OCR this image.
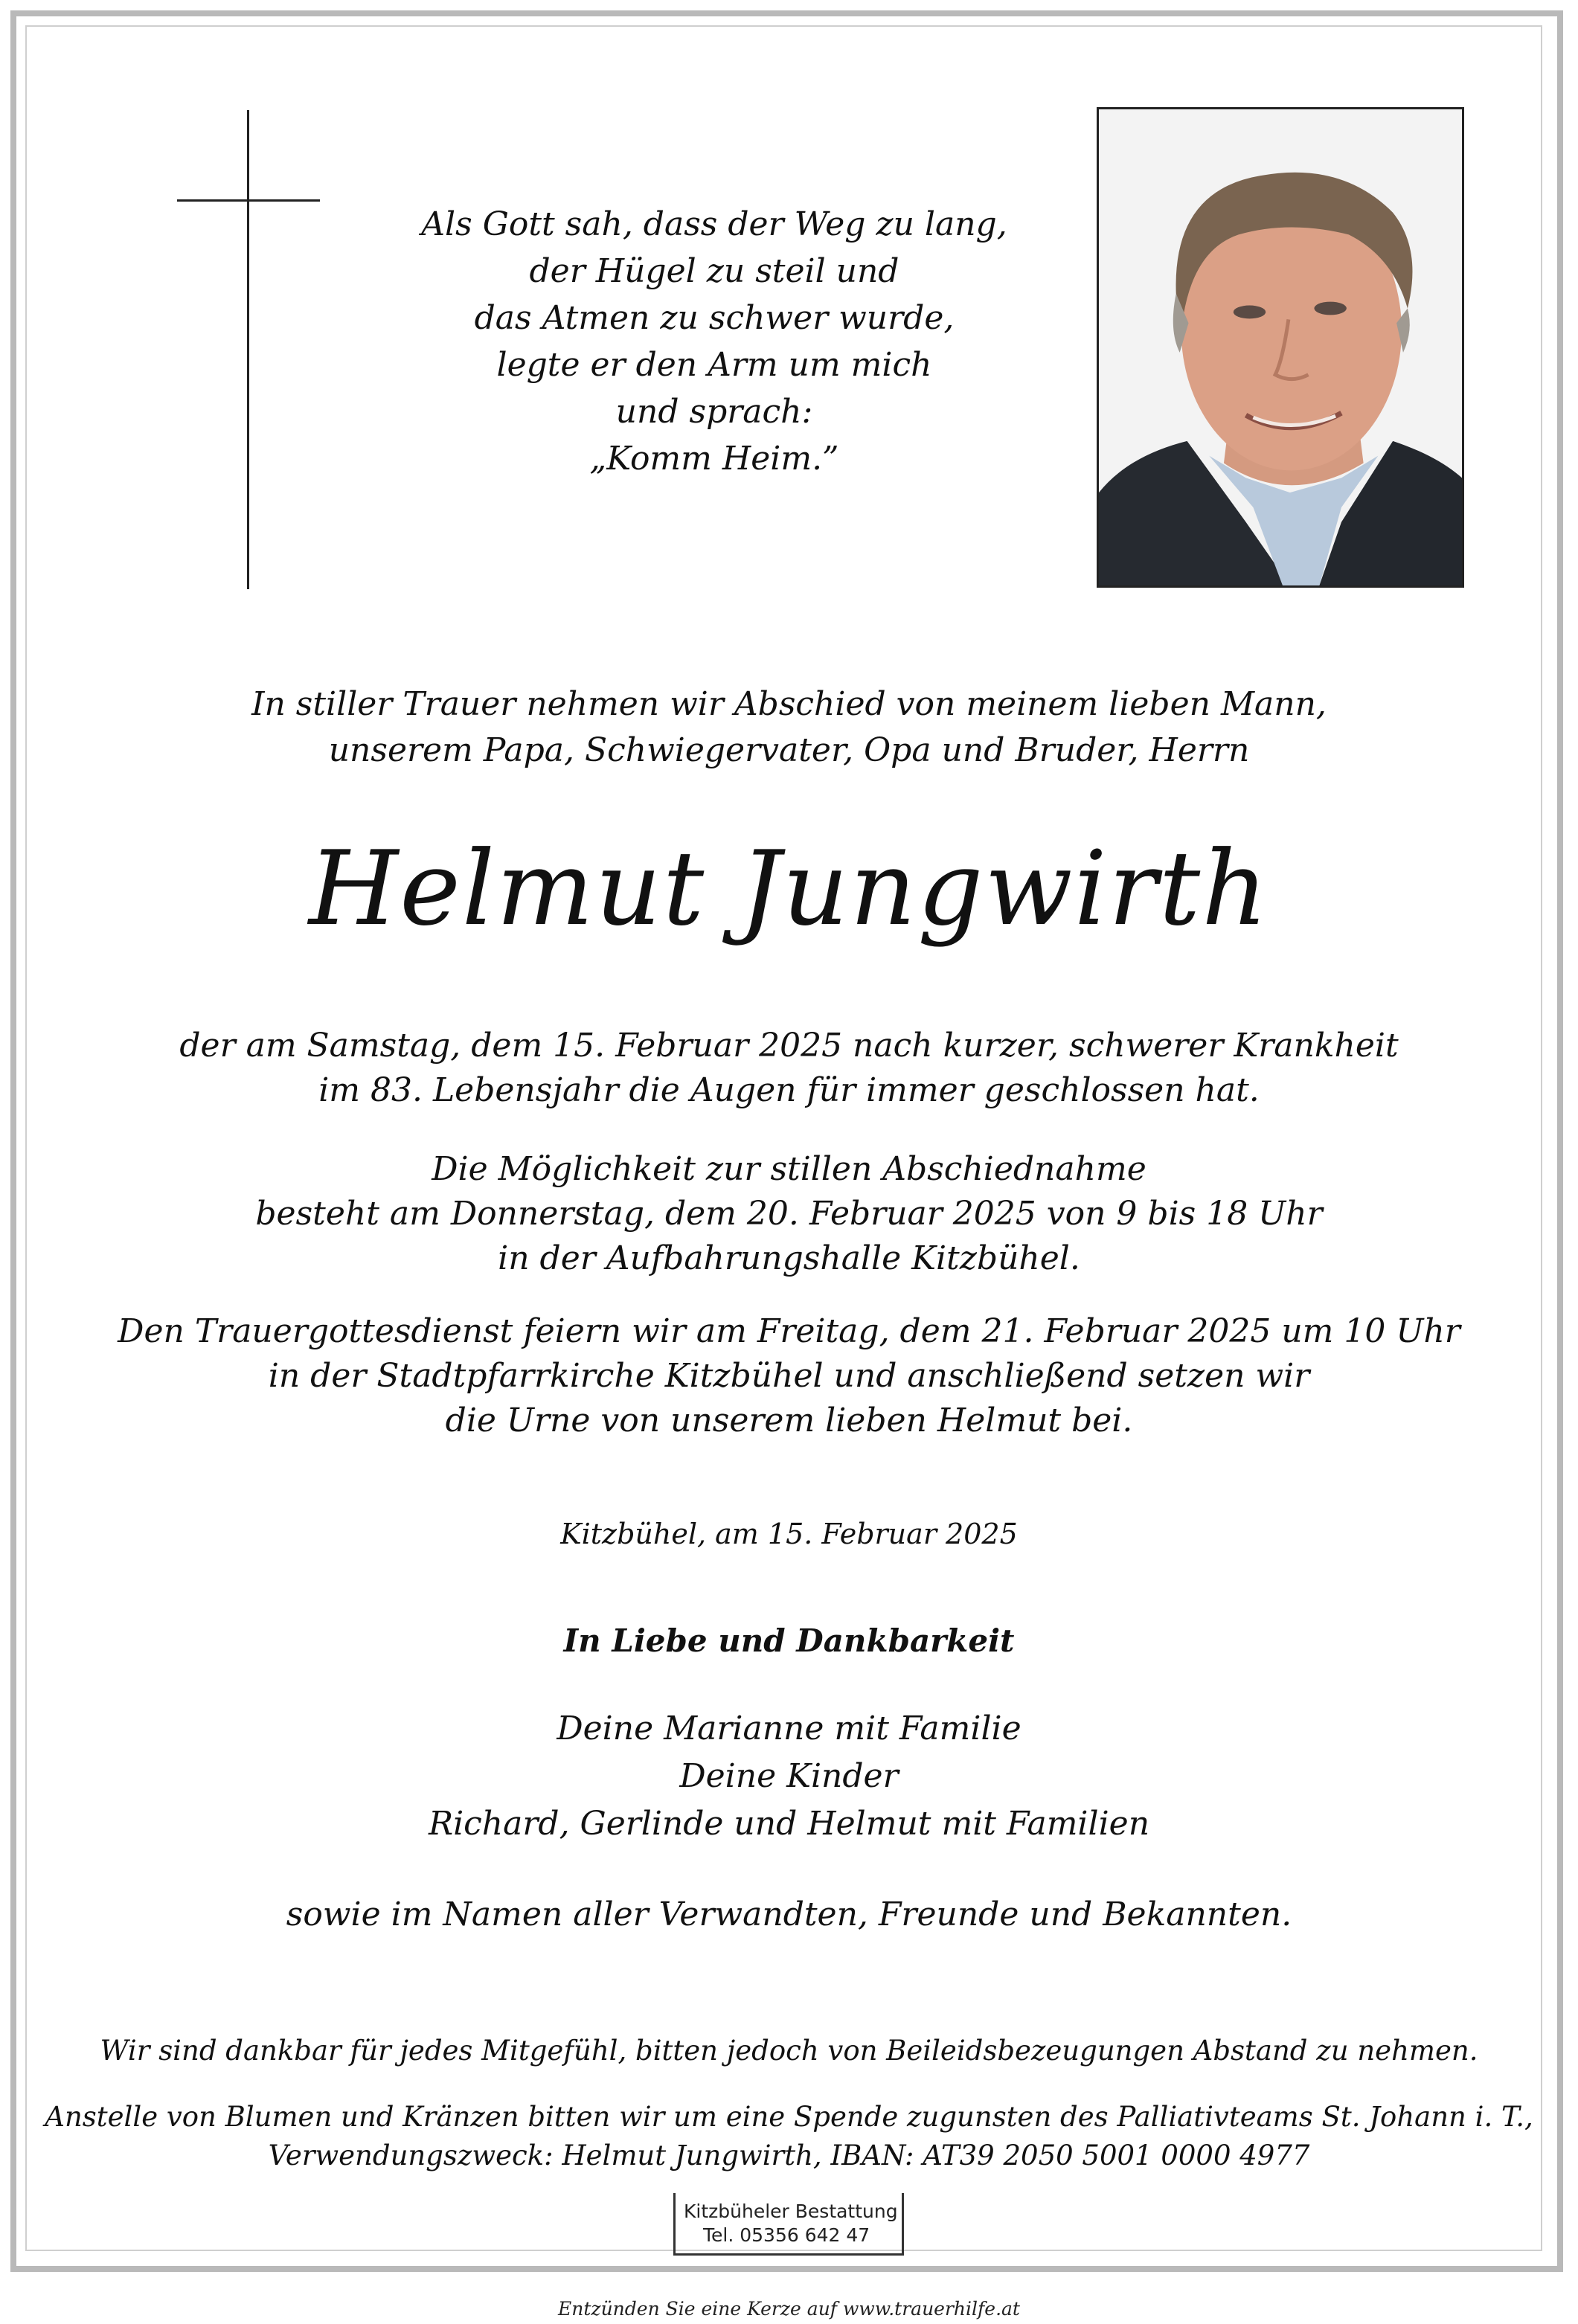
Als Gott sah, dass der Weg zu lang,
der Hügel zu steil und
das Atmen zu schwer wurde,
legte er den Arm um mich
und sprach:
„Komm Heim.”
In stiller Trauer nehmen wir Abschied von meinem lieben Mann,
unserem Papa, Schwiegervater, Opa und Bruder, Herrn
Helmut Jungwirth
der am Samstag, dem 15. Februar 2025 nach kurzer, schwerer Krankheit
im 83. Lebensjahr die Augen für immer geschlossen hat.
Die Möglichkeit zur stillen Abschiednahme
besteht am Donnerstag, dem 20. Februar 2025 von 9 bis 18 Uhr
in der Aufbahrungshalle Kitzbühel.
Den Trauergottesdienst feiern wir am Freitag, dem 21. Februar 2025 um 10 Uhr
in der Stadtpfarrkirche Kitzbühel und anschließend setzen wir
die Urne von unserem lieben Helmut bei.
Kitzbühel, am 15. Februar 2025
In Liebe und Dankbarkeit
Deine Marianne mit Familie
Deine Kinder
Richard, Gerlinde und Helmut mit Familien
sowie im Namen aller Verwandten, Freunde und Bekannten.
Wir sind dankbar für jedes Mitgefühl, bitten jedoch von Beileidsbezeugungen Abstand zu nehmen.
Anstelle von Blumen und Kränzen bitten wir um eine Spende zugunsten des Palliativteams St. Johann i. T.,
Verwendungszweck: Helmut Jungwirth, IBAN: AT39 2050 5001 0000 4977
Kitzbüheler Bestattung
Tel. 05356 642 47
Entzünden Sie eine Kerze auf www.trauerhilfe.at
